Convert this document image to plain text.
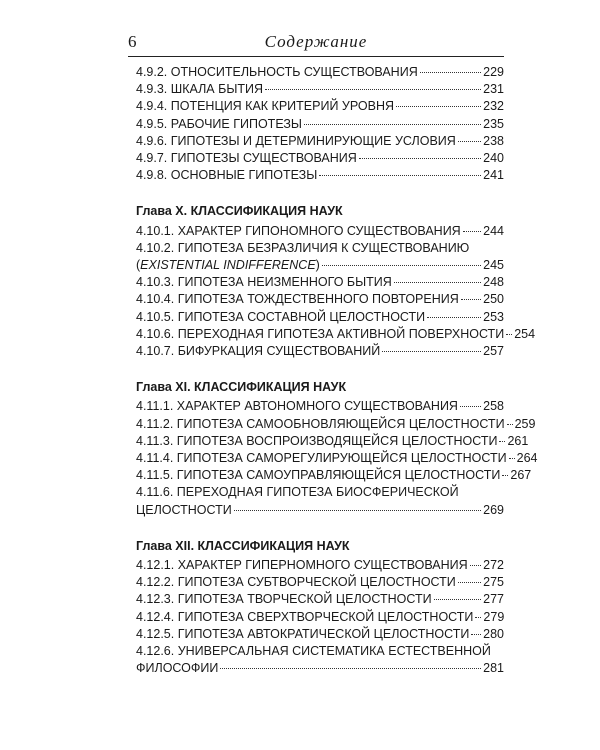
6	Содержание
4.9.2. ОТНОСИТЕЛЬНОСТЬ СУЩЕСТВОВАНИЯ	229
4.9.3. ШКАЛА БЫТИЯ	231
4.9.4. ПОТЕНЦИЯ КАК КРИТЕРИЙ УРОВНЯ	232
4.9.5. РАБОЧИЕ ГИПОТЕЗЫ	235
4.9.6. ГИПОТЕЗЫ И ДЕТЕРМИНИРУЮЩИЕ УСЛОВИЯ 238
4.9.7. ГИПОТЕЗЫ СУЩЕСТВОВАНИЯ	240
4.9.8. ОСНОВНЫЕ ГИПОТЕЗЫ	241
Глава X. КЛАССИФИКАЦИЯ НАУК
4.10.1. ХАРАКТЕР ГИПОНОМНОГО СУЩЕСТВОВАНИЯ 244
4.10.2. ГИПОТЕЗА БЕЗРАЗЛИЧИЯ К СУЩЕСТВОВАНИЮ
(EXISTENTIAL INDIFFERENCE)	245
4.10.3. ГИПОТЕЗА НЕИЗМЕННОГО БЫТИЯ	248
4.10.4. ГИПОТЕЗА ТОЖДЕСТВЕННОГО ПОВТОРЕНИЯ 250
4.10.5. ГИПОТЕЗА СОСТАВНОЙ ЦЕЛОСТНОСТИ	253
4.10.6. ПЕРЕХОДНАЯ ГИПОТЕЗА АКТИВНОЙ ПОВЕРХНОСТИ 254
4.10.7. БИФУРКАЦИЯ СУЩЕСТВОВАНИЙ	257
Глава XI. КЛАССИФИКАЦИЯ НАУК
4.11.1. ХАРАКТЕР АВТОНОМНОГО СУЩЕСТВОВАНИЯ 258
4.11.2. ГИПОТЕЗА САМООБНОВЛЯЮЩЕЙСЯ ЦЕЛОСТНОСТИ 259
4.11.3. ГИПОТЕЗА ВОСПРОИЗВОДЯЩЕЙСЯ ЦЕЛОСТНОСТИ 261
4.11.4. ГИПОТЕЗА САМОРЕГУЛИРУЮЩЕЙСЯ ЦЕЛОСТНОСТИ 264
4.11.5. ГИПОТЕЗА САМОУПРАВЛЯЮЩЕЙСЯ ЦЕЛОСТНОСТИ 267
4.11.6. ПЕРЕХОДНАЯ ГИПОТЕЗА БИОСФЕРИЧЕСКОЙ
ЦЕЛОСТНОСТИ	269
Глава XII. КЛАССИФИКАЦИЯ НАУК
4.12.1. ХАРАКТЕР ГИПЕРНОМНОГО СУЩЕСТВОВАНИЯ 272
4.12.2. ГИПОТЕЗА СУБТВОРЧЕСКОЙ ЦЕЛОСТНОСТИ 275
4.12.3. ГИПОТЕЗА ТВОРЧЕСКОЙ ЦЕЛОСТНОСТИ	277
4.12.4. ГИПОТЕЗА СВЕРХТВОРЧЕСКОЙ ЦЕЛОСТНОСТИ 279
4.12.5. ГИПОТЕЗА АВТОКРАТИЧЕСКОЙ ЦЕЛОСТНОСТИ 280
4.12.6. УНИВЕРСАЛЬНАЯ СИСТЕМАТИКА ЕСТЕСТВЕННОЙ
ФИЛОСОФИИ	281
